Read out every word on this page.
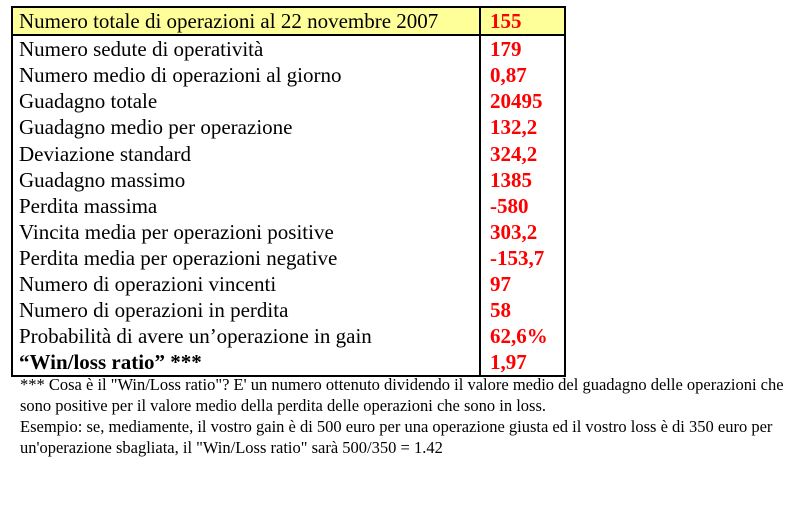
Numero totale di operazioni al 22 novembre 2007	155
Numero sedute di operatività	179
Numero medio di operazioni al giorno	0,87
Guadagno totale	20495
Guadagno medio per operazione	132,2
Deviazione standard	324,2
Guadagno massimo	1385
Perdita massima	-580
Vincita media per operazioni positive	303,2
Perdita media per operazioni negative	-153,7
Numero di operazioni vincenti	97
Numero di operazioni in perdita	58
Probabilità di avere un’operazione in gain	62,6%
“Win/loss ratio” ***	1,97

*** Cosa è il "Win/Loss ratio"? E' un numero ottenuto dividendo il valore medio del guadagno delle operazioni che sono positive per il valore medio della perdita delle operazioni che sono in loss.

Esempio: se, mediamente, il vostro gain è di 500 euro per una operazione giusta ed il vostro loss è di 350 euro per un'operazione sbagliata, il "Win/Loss ratio" sarà 500/350 = 1.42
